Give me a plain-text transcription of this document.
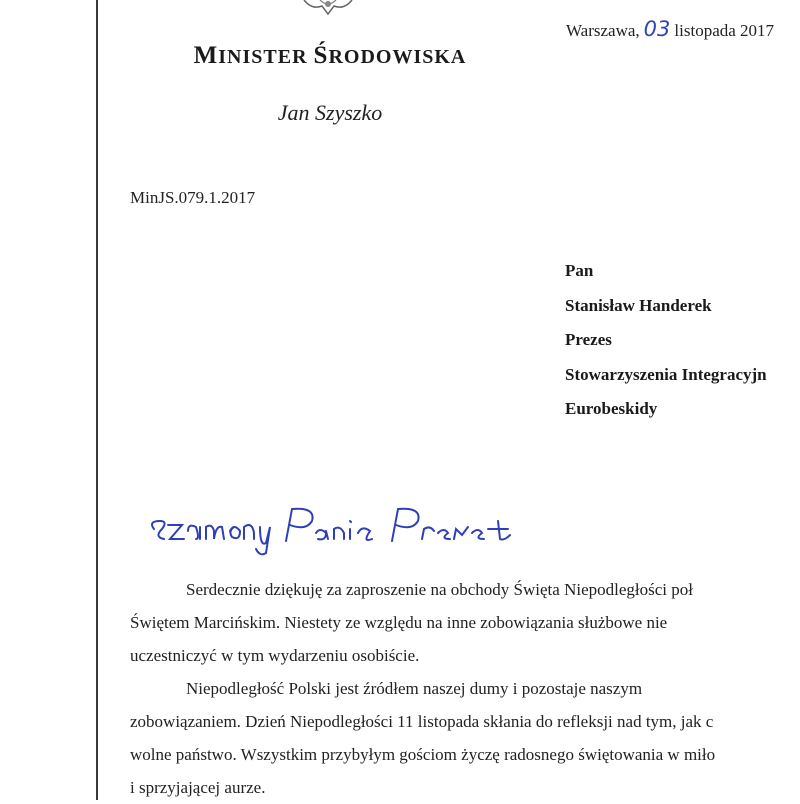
MINISTER ŚRODOWISKA
Jan Szyszko
Warszawa, 03 listopada 2017
MinJS.079.1.2017
Pan
Stanisław Handerek
Prezes
Stowarzyszenia Integracyjn
Eurobeskidy

Serdecznie dziękuję za zaproszenie na obchody Święta Niepodległości poł

Świętem Marcińskim. Niestety ze względu na inne zobowiązania służbowe nie

uczestniczyć w tym wydarzeniu osobiście.

Niepodległość Polski jest źródłem naszej dumy i pozostaje naszym

zobowiązaniem. Dzień Niepodległości 11 listopada skłania do refleksji nad tym, jak c

wolne państwo. Wszystkim przybyłym gościom życzę radosnego świętowania w miło

i sprzyjającej aurze.
